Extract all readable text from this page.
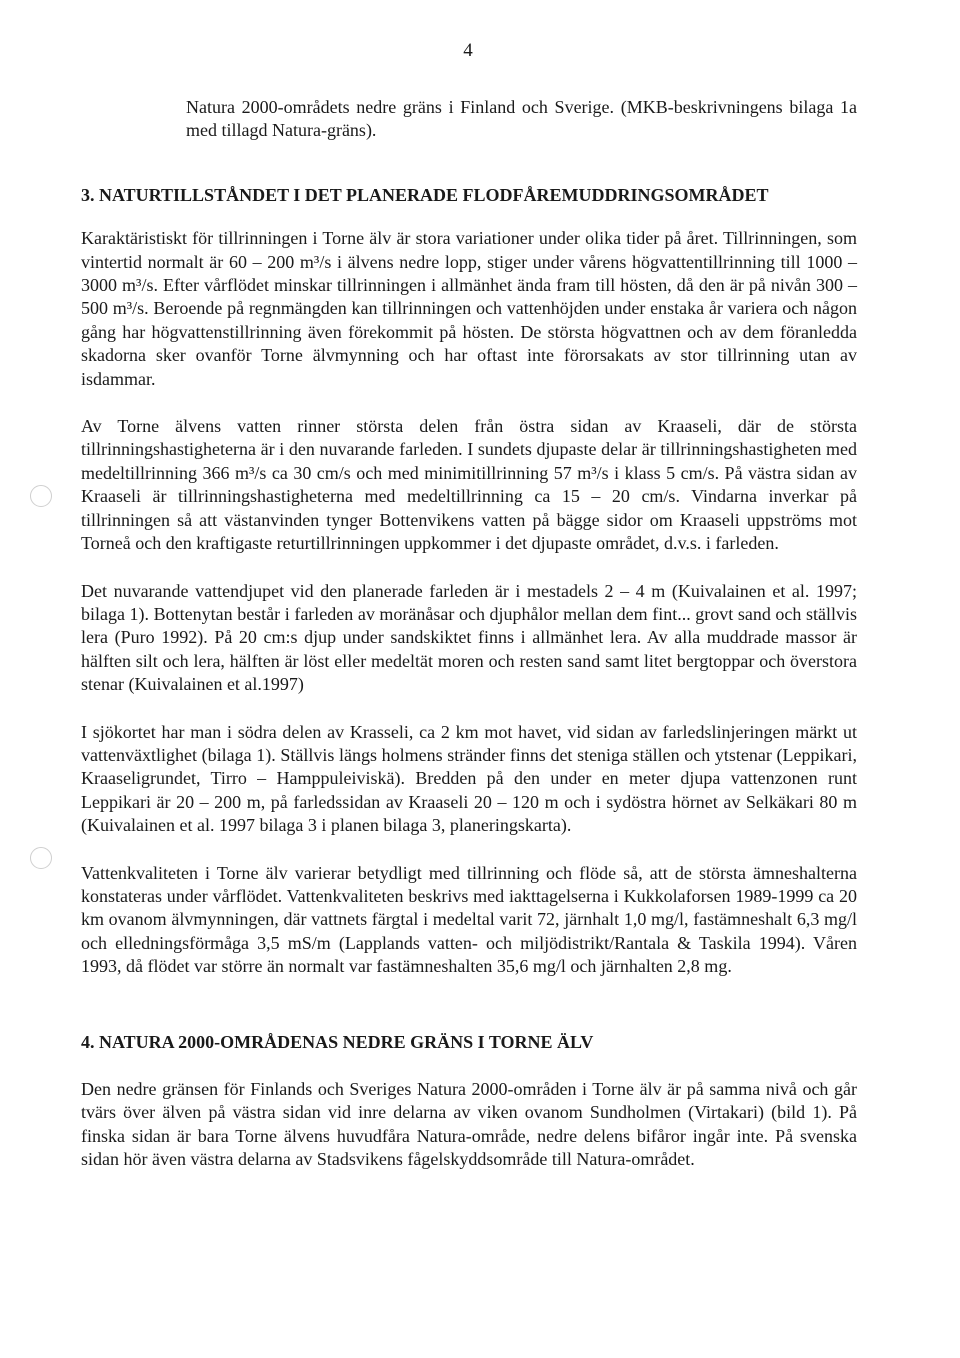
4

Natura 2000-områdets nedre gräns i Finland och Sverige. (MKB-beskrivningens bilaga 1a med tillagd Natura-gräns).

3. NATURTILLSTÅNDET I DET PLANERADE FLODFÅREMUDDRINGSOMRÅDET

Karaktäristiskt för tillrinningen i Torne älv är stora variationer under olika tider på året. Tillrinningen, som vintertid normalt är 60 – 200 m³/s i älvens nedre lopp, stiger under vårens högvattentillrinning till 1000 – 3000 m³/s. Efter vårflödet minskar tillrinningen i allmänhet ända fram till hösten, då den är på nivån 300 – 500 m³/s. Beroende på regnmängden kan tillrinningen och vattenhöjden under enstaka år variera och någon gång har högvattenstillrinning även förekommit på hösten. De största högvattnen och av dem föranledda skadorna sker ovanför Torne älvmynning och har oftast inte förorsakats av stor tillrinning utan av isdammar.

Av Torne älvens vatten rinner största delen från östra sidan av Kraaseli, där de största tillrinningshastigheterna är i den nuvarande farleden. I sundets djupaste delar är tillrinningshastigheten med medeltillrinning 366 m³/s ca 30 cm/s och med minimitillrinning 57 m³/s i klass 5 cm/s. På västra sidan av Kraaseli är tillrinningshastigheterna med medeltillrinning ca 15 – 20 cm/s. Vindarna inverkar på tillrinningen så att västanvinden tynger Bottenvikens vatten på bägge sidor om Kraaseli uppströms mot Torneå och den kraftigaste returtillrinningen uppkommer i det djupaste området, d.v.s. i farleden.

Det nuvarande vattendjupet vid den planerade farleden är i mestadels 2 – 4 m (Kuivalainen et al. 1997; bilaga 1). Bottenytan består i farleden av moränåsar och djuphålor mellan dem fint... grovt sand och ställvis lera (Puro 1992). På 20 cm:s djup under sandskiktet finns i allmänhet lera. Av alla muddrade massor är hälften silt och lera, hälften är löst eller medeltät moren och resten sand samt litet bergtoppar och överstora stenar (Kuivalainen et al.1997)

I sjökortet har man i södra delen av Krasseli, ca 2 km mot havet, vid sidan av farledslinjeringen märkt ut vattenväxtlighet (bilaga 1). Ställvis längs holmens stränder finns det steniga ställen och ytstenar (Leppikari, Kraaseligrundet, Tirro – Hamppuleiviskä). Bredden på den under en meter djupa vattenzonen runt Leppikari är 20 – 200 m, på farledssidan av Kraaseli 20 – 120 m och i sydöstra hörnet av Selkäkari 80 m (Kuivalainen et al. 1997 bilaga 3 i planen bilaga 3, planeringskarta).

Vattenkvaliteten i Torne älv varierar betydligt med tillrinning och flöde så, att de största ämneshalterna konstateras under vårflödet. Vattenkvaliteten beskrivs med iakttagelserna i Kukkolaforsen 1989-1999 ca 20 km ovanom älvmynningen, där vattnets färgtal i medeltal varit 72, järnhalt 1,0 mg/l, fastämneshalt 6,3 mg/l och elledningsförmåga 3,5 mS/m (Lapplands vatten- och miljödistrikt/Rantala & Taskila 1994). Våren 1993, då flödet var större än normalt var fastämneshalten 35,6 mg/l och järnhalten 2,8 mg.

4. NATURA 2000-OMRÅDENAS NEDRE GRÄNS I TORNE ÄLV

Den nedre gränsen för Finlands och Sveriges Natura 2000-områden i Torne älv är på samma nivå och går tvärs över älven på västra sidan vid inre delarna av viken ovanom Sundholmen (Virtakari) (bild 1). På finska sidan är bara Torne älvens huvudfåra Natura-område, nedre delens bifåror ingår inte. På svenska sidan hör även västra delarna av Stadsvikens fågelskyddsområde till Natura-området.
